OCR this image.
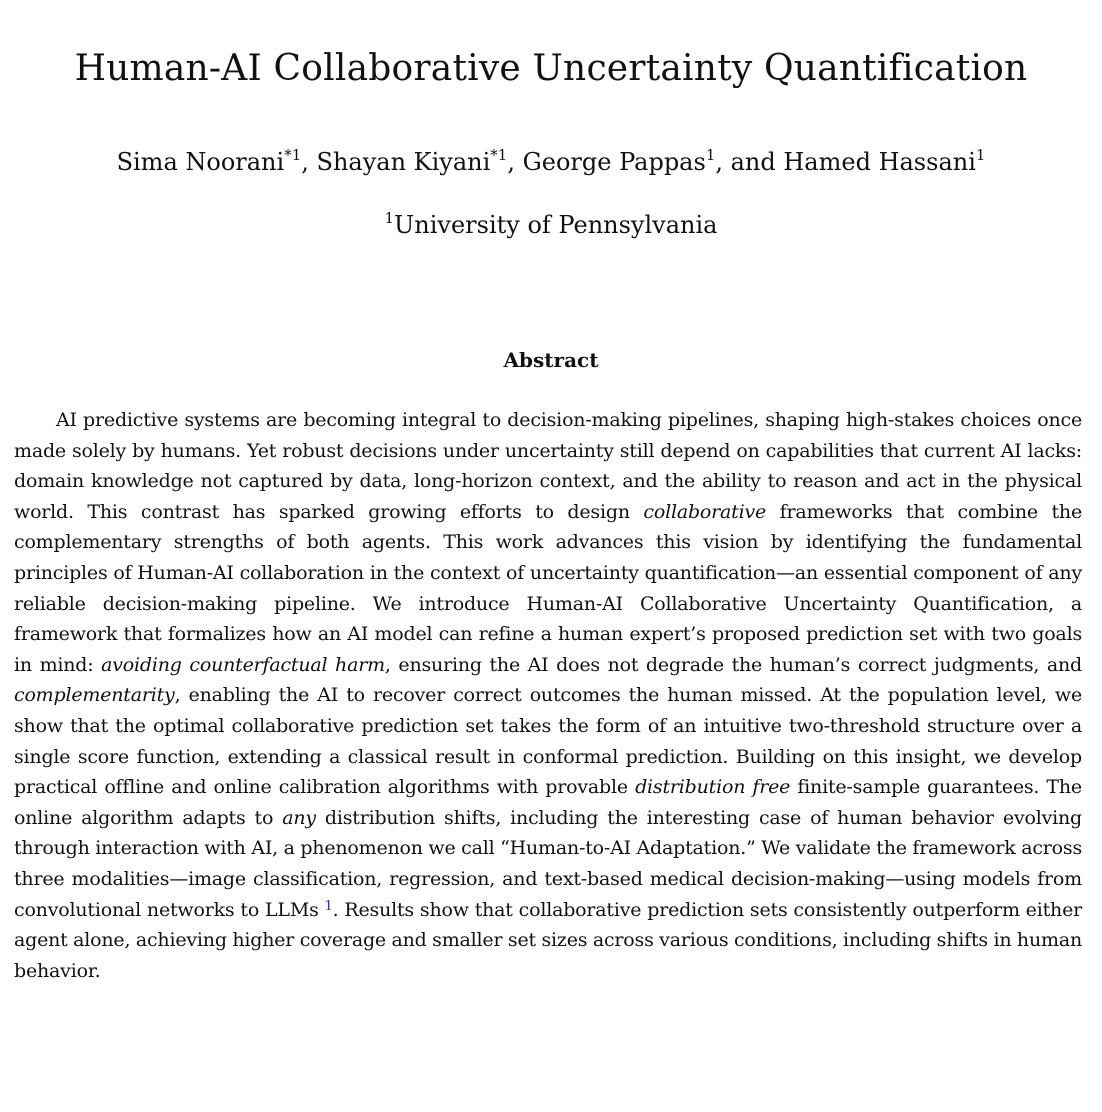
Human-AI Collaborative Uncertainty Quantification
Sima Noorani$^{*1}$, Shayan Kiyani$^{*1}$, George Pappas$^1$, and Hamed Hassani$^1$
$^1$University of Pennsylvania
Abstract

AI predictive systems are becoming integral to decision-making pipelines, shaping high-stakes choices once made solely by humans. Yet robust decisions under uncertainty still depend on capabilities that current AI lacks: domain knowledge not captured by data, long-horizon context, and the ability to reason and act in the physical world. This contrast has sparked growing efforts to design collaborative frameworks that combine the complementary strengths of both agents. This work advances this vision by identifying the fundamental principles of Human-AI collaboration in the context of uncertainty quantification—an essential component of any reliable decision-making pipeline. We introduce Human-AI Collaborative Uncertainty Quantification, a framework that formalizes how an AI model can refine a human expert’s proposed prediction set with two goals in mind: avoiding counterfactual harm, ensuring the AI does not degrade the human’s correct judgments, and complementarity, enabling the AI to recover correct outcomes the human missed. At the population level, we show that the optimal collaborative prediction set takes the form of an intuitive two-threshold structure over a single score function, extending a classical result in conformal prediction. Building on this insight, we develop practical offline and online calibration algorithms with provable distribution free finite-sample guarantees. The online algorithm adapts to any distribution shifts, including the interesting case of human behavior evolving through interaction with AI, a phenomenon we call “Human-to-AI Adaptation.” We validate the framework across three modalities—image classification, regression, and text-based medical decision-making—using models from convolutional networks to LLMs $^1$. Results show that collaborative prediction sets consistently outperform either agent alone, achieving higher coverage and smaller set sizes across various conditions, including shifts in human behavior.
